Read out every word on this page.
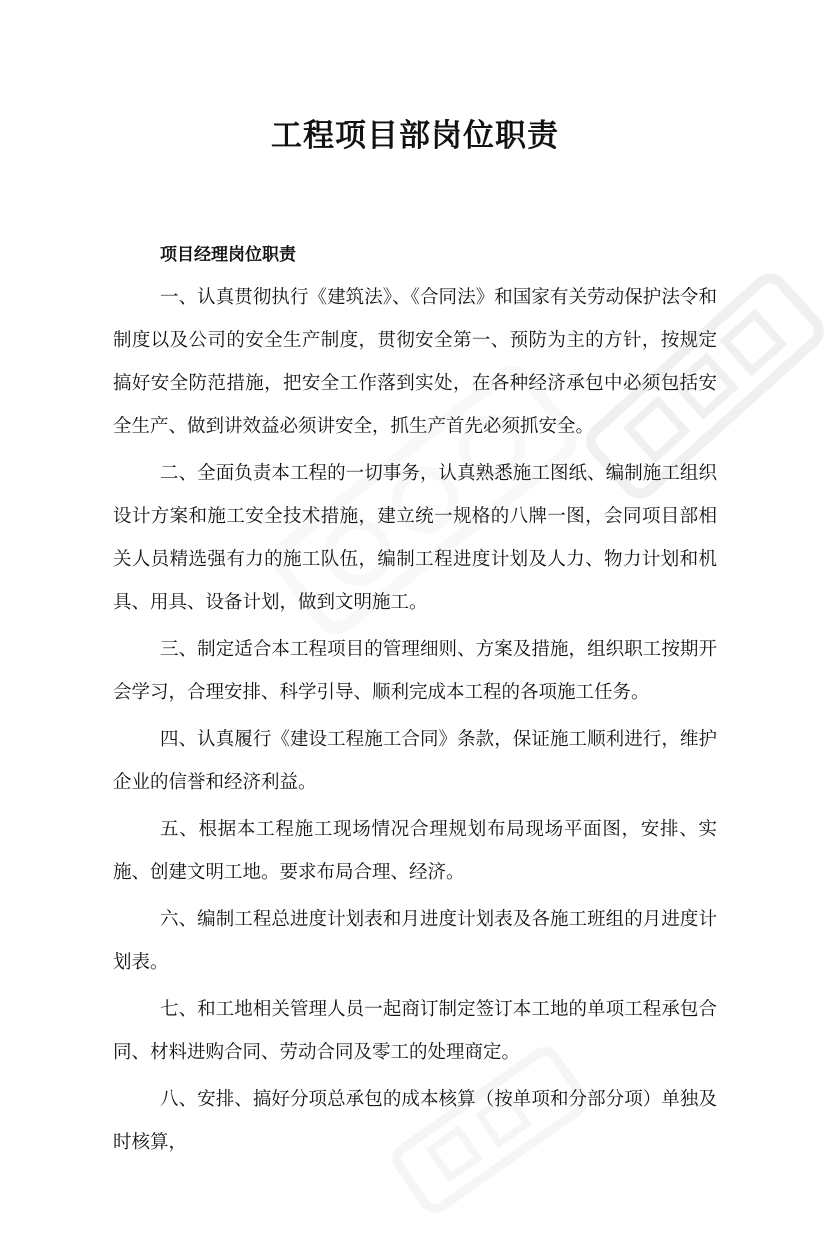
工程项目部岗位职责
项目经理岗位职责

一、认真贯彻执行《建筑法》、《合同法》和国家有关劳动保护法令和制度以及公司的安全生产制度，贯彻安全第一、预防为主的方针，按规定搞好安全防范措施，把安全工作落到实处，在各种经济承包中必须包括安全生产、做到讲效益必须讲安全，抓生产首先必须抓安全。

二、全面负责本工程的一切事务，认真熟悉施工图纸、编制施工组织设计方案和施工安全技术措施，建立统一规格的八牌一图，会同项目部相关人员精选强有力的施工队伍，编制工程进度计划及人力、物力计划和机具、用具、设备计划，做到文明施工。

三、制定适合本工程项目的管理细则、方案及措施，组织职工按期开会学习，合理安排、科学引导、顺利完成本工程的各项施工任务。

四、认真履行《建设工程施工合同》条款，保证施工顺利进行，维护企业的信誉和经济利益。

五、根据本工程施工现场情况合理规划布局现场平面图，安排、实施、创建文明工地。要求布局合理、经济。

六、编制工程总进度计划表和月进度计划表及各施工班组的月进度计划表。

七、和工地相关管理人员一起商订制定签订本工地的单项工程承包合同、材料进购合同、劳动合同及零工的处理商定。

八、安排、搞好分项总承包的成本核算（按单项和分部分项）单独及时核算，
